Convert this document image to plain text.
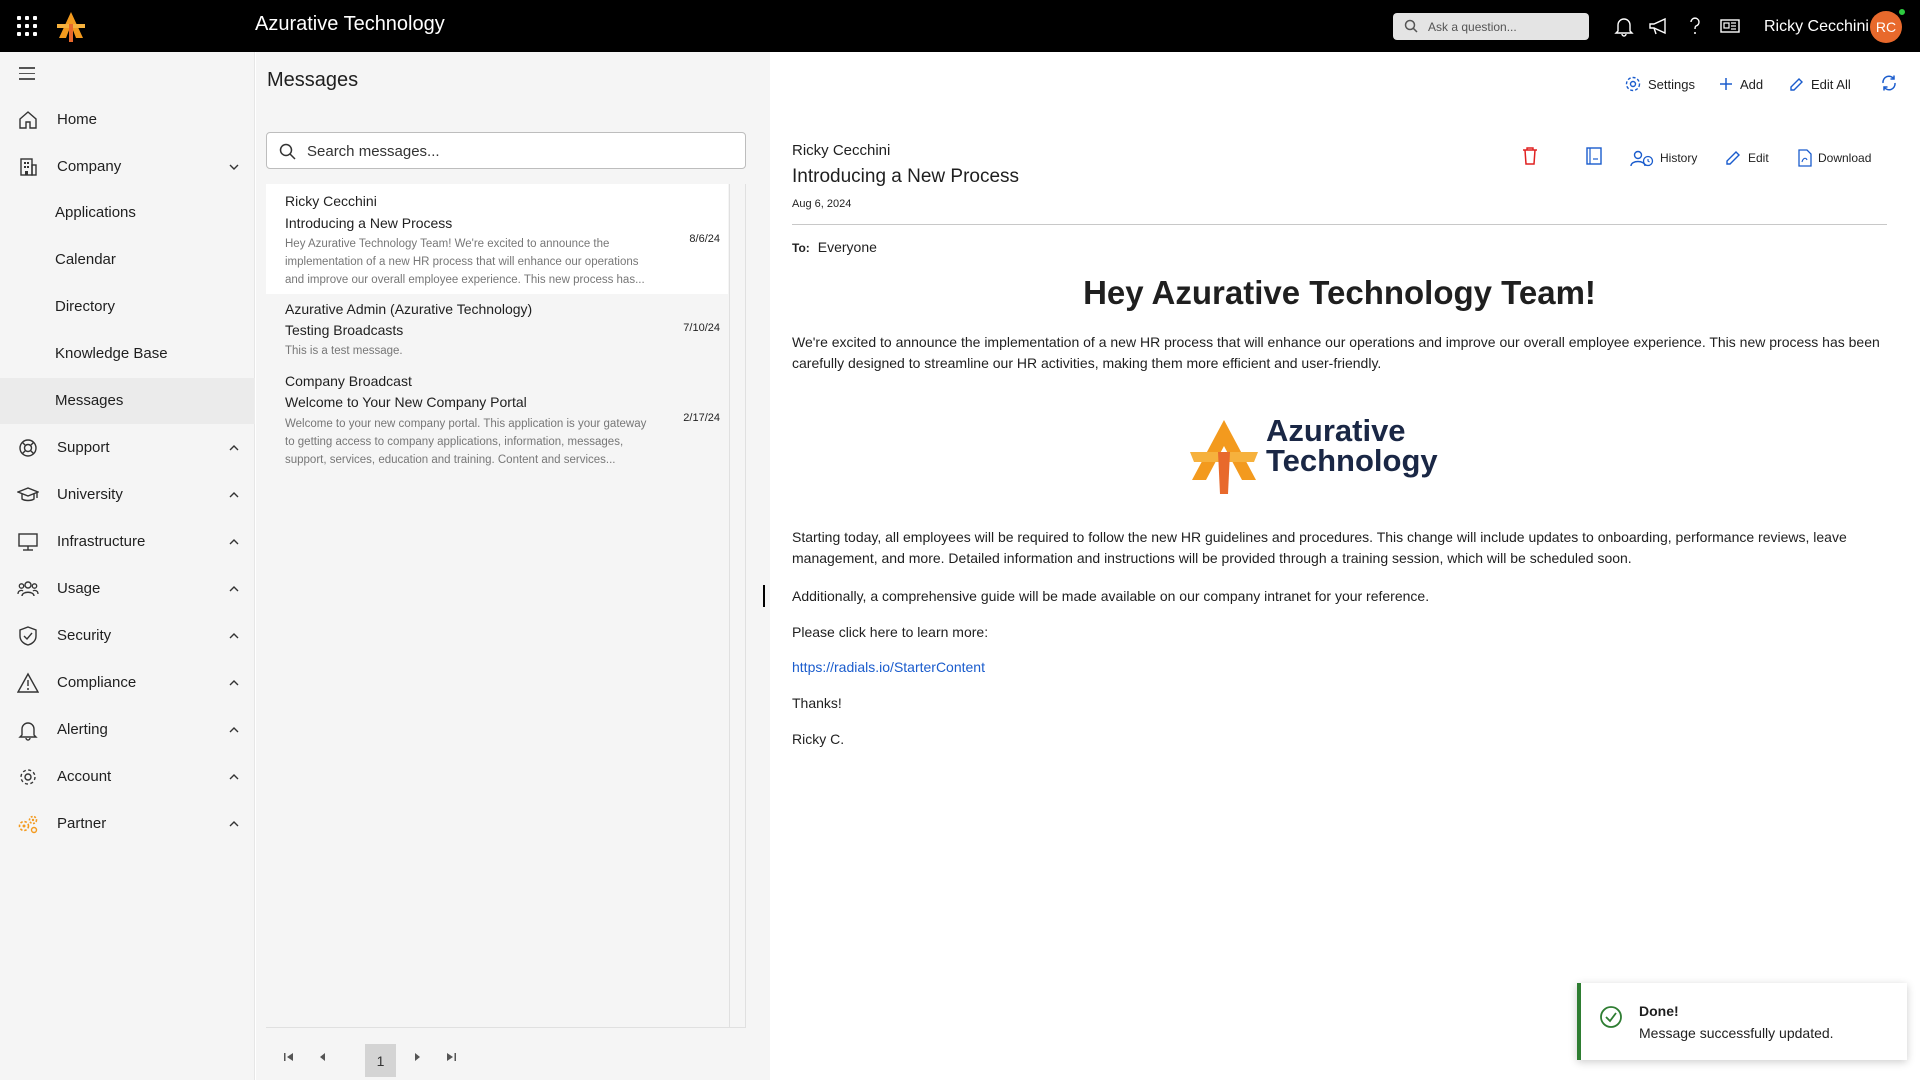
Azurative Technology
Ask a question...	Ricky Cecchini RC
Home
Company
Applications
Calendar
Directory
Knowledge Base
Messages
Support
University
Infrastructure
Usage
Security
Compliance
Alerting
Account
Partner
Messages
Search messages...
Ricky Cecchini
Introducing a New Process
Hey Azurative Technology Team! We're excited to announce the
implementation of a new HR process that will enhance our operations
and improve our overall employee experience. This new process has...
8/6/24
Azurative Admin (Azurative Technology)
Testing Broadcasts
This is a test message.
7/10/24
Company Broadcast
Welcome to Your New Company Portal
Welcome to your new company portal. This application is your gateway
to getting access to company applications, information, messages,
support, services, education and training. Content and services...
2/17/24
1
Settings	Add	Edit All
Ricky Cecchini
Introducing a New Process
Aug 6, 2024
History	Edit	Download
To: Everyone
Hey Azurative Technology Team!
We're excited to announce the implementation of a new HR process that will enhance our operations and improve our overall employee experience. This new process has been carefully designed to streamline our HR activities, making them more efficient and user-friendly.
Azurative
Technology
Starting today, all employees will be required to follow the new HR guidelines and procedures. This change will include updates to onboarding, performance reviews, leave management, and more. Detailed information and instructions will be provided through a training session, which will be scheduled soon.
Additionally, a comprehensive guide will be made available on our company intranet for your reference.
Please click here to learn more:
https://radials.io/StarterContent
Thanks!
Ricky C.
Done!
Message successfully updated.
